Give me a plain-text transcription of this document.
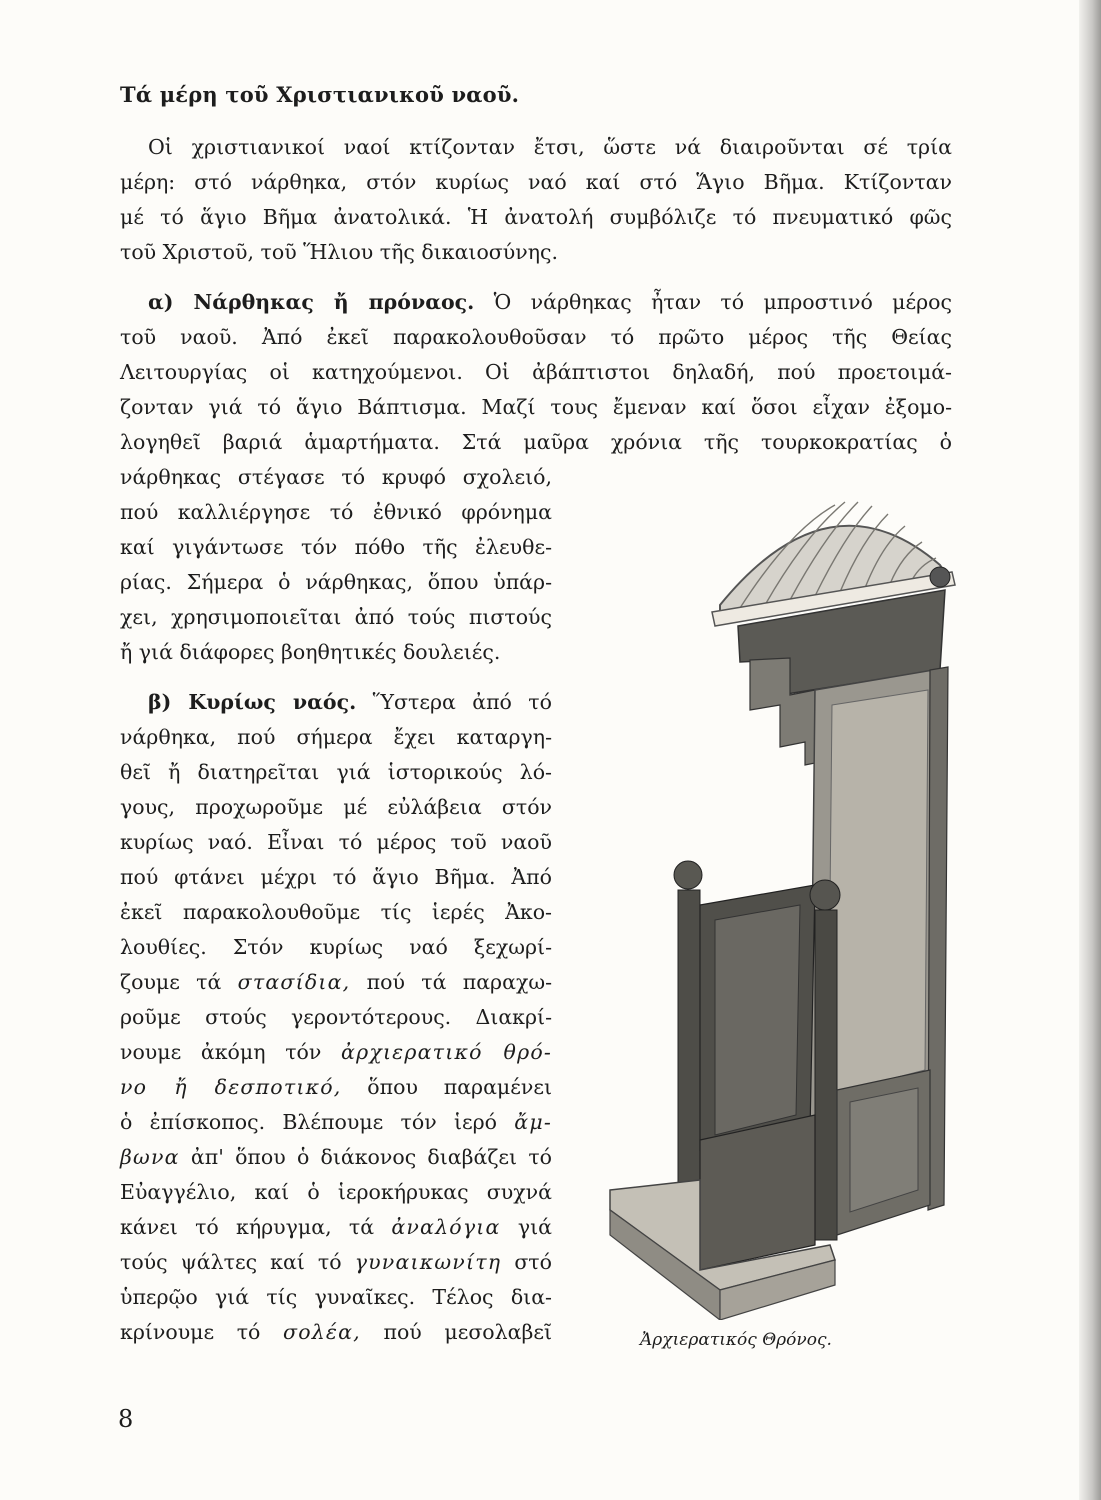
Τά μέρη τοῦ Χριστιανικοῦ ναοῦ.
Οἱ χριστιανικοί ναοί κτίζονταν ἔτσι, ὥστε νά διαιροῦνται σέ τρία
μέρη: στό νάρθηκα, στόν κυρίως ναό καί στό Ἅγιο Βῆμα. Κτίζονταν
μέ τό ἅγιο Βῆμα ἀνατολικά. Ἡ ἀνατολή συμβόλιζε τό πνευματικό φῶς
τοῦ Χριστοῦ, τοῦ Ἥλιου τῆς δικαιοσύνης.
α) Νάρθηκας ἤ πρόναος. Ὁ νάρθηκας ἦταν τό μπροστινό μέρος
τοῦ ναοῦ. Ἀπό ἐκεῖ παρακολουθοῦσαν τό πρῶτο μέρος τῆς Θείας
Λειτουργίας οἱ κατηχούμενοι. Οἱ ἀβάπτιστοι δηλαδή, πού προετοιμά-
ζονταν γιά τό ἅγιο Βάπτισμα. Μαζί τους ἔμεναν καί ὅσοι εἶχαν ἐξομο-
λογηθεῖ βαριά ἁμαρτήματα. Στά μαῦρα χρόνια τῆς τουρκοκρατίας ὁ
νάρθηκας στέγασε τό κρυφό σχολειό,
πού καλλιέργησε τό ἐθνικό φρόνημα
καί γιγάντωσε τόν πόθο τῆς ἐλευθε-
ρίας. Σήμερα ὁ νάρθηκας, ὅπου ὑπάρ-
χει, χρησιμοποιεῖται ἀπό τούς πιστούς
ἤ γιά διάφορες βοηθητικές δουλειές.
β) Κυρίως ναός. Ὕστερα ἀπό τό
νάρθηκα, πού σήμερα ἔχει καταργη-
θεῖ ἤ διατηρεῖται γιά ἱστορικούς λό-
γους, προχωροῦμε μέ εὐλάβεια στόν
κυρίως ναό. Εἶναι τό μέρος τοῦ ναοῦ
πού φτάνει μέχρι τό ἅγιο Βῆμα. Ἀπό
ἐκεῖ παρακολουθοῦμε τίς ἱερές Ἀκο-
λουθίες. Στόν κυρίως ναό ξεχωρί-
ζουμε τά στασίδια, πού τά παραχω-
ροῦμε στούς γεροντότερους. Διακρί-
νουμε ἀκόμη τόν ἀρχιερατικό θρό-
νο ἤ δεσποτικό, ὅπου παραμένει
ὁ ἐπίσκοπος. Βλέπουμε τόν ἱερό ἄμ-
βωνα ἀπ' ὅπου ὁ διάκονος διαβάζει τό
Εὐαγγέλιο, καί ὁ ἱεροκήρυκας συχνά
κάνει τό κήρυγμα, τά ἀναλόγια γιά
τούς ψάλτες καί τό γυναικωνίτη στό
ὑπερῷο γιά τίς γυναῖκες. Τέλος δια-
κρίνουμε τό σολέα, πού μεσολαβεῖ	Ἀρχιερατικός Θρόνος.
8
